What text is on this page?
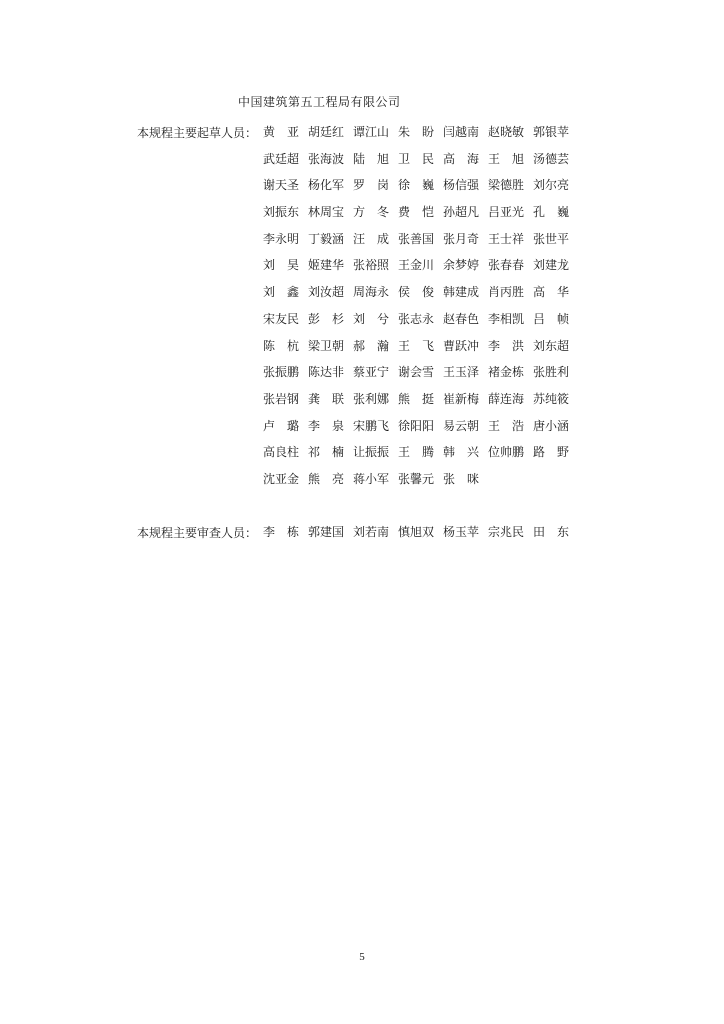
中国建筑第五工程局有限公司
本规程主要起草人员： 黄　亚 胡廷红 谭江山 朱　盼 闫越南 赵晓敏 郭银苹
武廷超 张海波 陆　旭 卫　民 高　海 王　旭 汤德芸
谢天圣 杨化军 罗　岗 徐　巍 杨信强 梁德胜 刘尔亮
刘振东 林周宝 方　冬 费　恺 孙超凡 吕亚光 孔　巍
李永明 丁毅涵 汪　成 张善国 张月奇 王士祥 张世平
刘　昊 姬建华 张裕照 王金川 余梦婷 张春春 刘建龙
刘　鑫 刘汝超 周海永 侯　俊 韩建成 肖丙胜 高　华
宋友民 彭　杉 刘　兮 张志永 赵春色 李相凯 吕　帧
陈　杭 梁卫朝 郝　瀚 王　飞 曹跃冲 李　洪 刘东超
张振鹏 陈达非 蔡亚宁 谢会雪 王玉泽 褚金栋 张胜利
张岩钢 龚　联 张利娜 熊　挺 崔新梅 薛连海 苏纯筱
卢　璐 李　泉 宋鹏飞 徐阳阳 易云朝 王　浩 唐小涵
高良柱 祁　楠 让振振 王　腾 韩　兴 位帅鹏 路　野
沈亚金 熊　亮 蒋小军 张馨元 张　咪
本规程主要审查人员： 李　栋 郭建国 刘若南 慎旭双 杨玉苹 宗兆民 田　东
5
